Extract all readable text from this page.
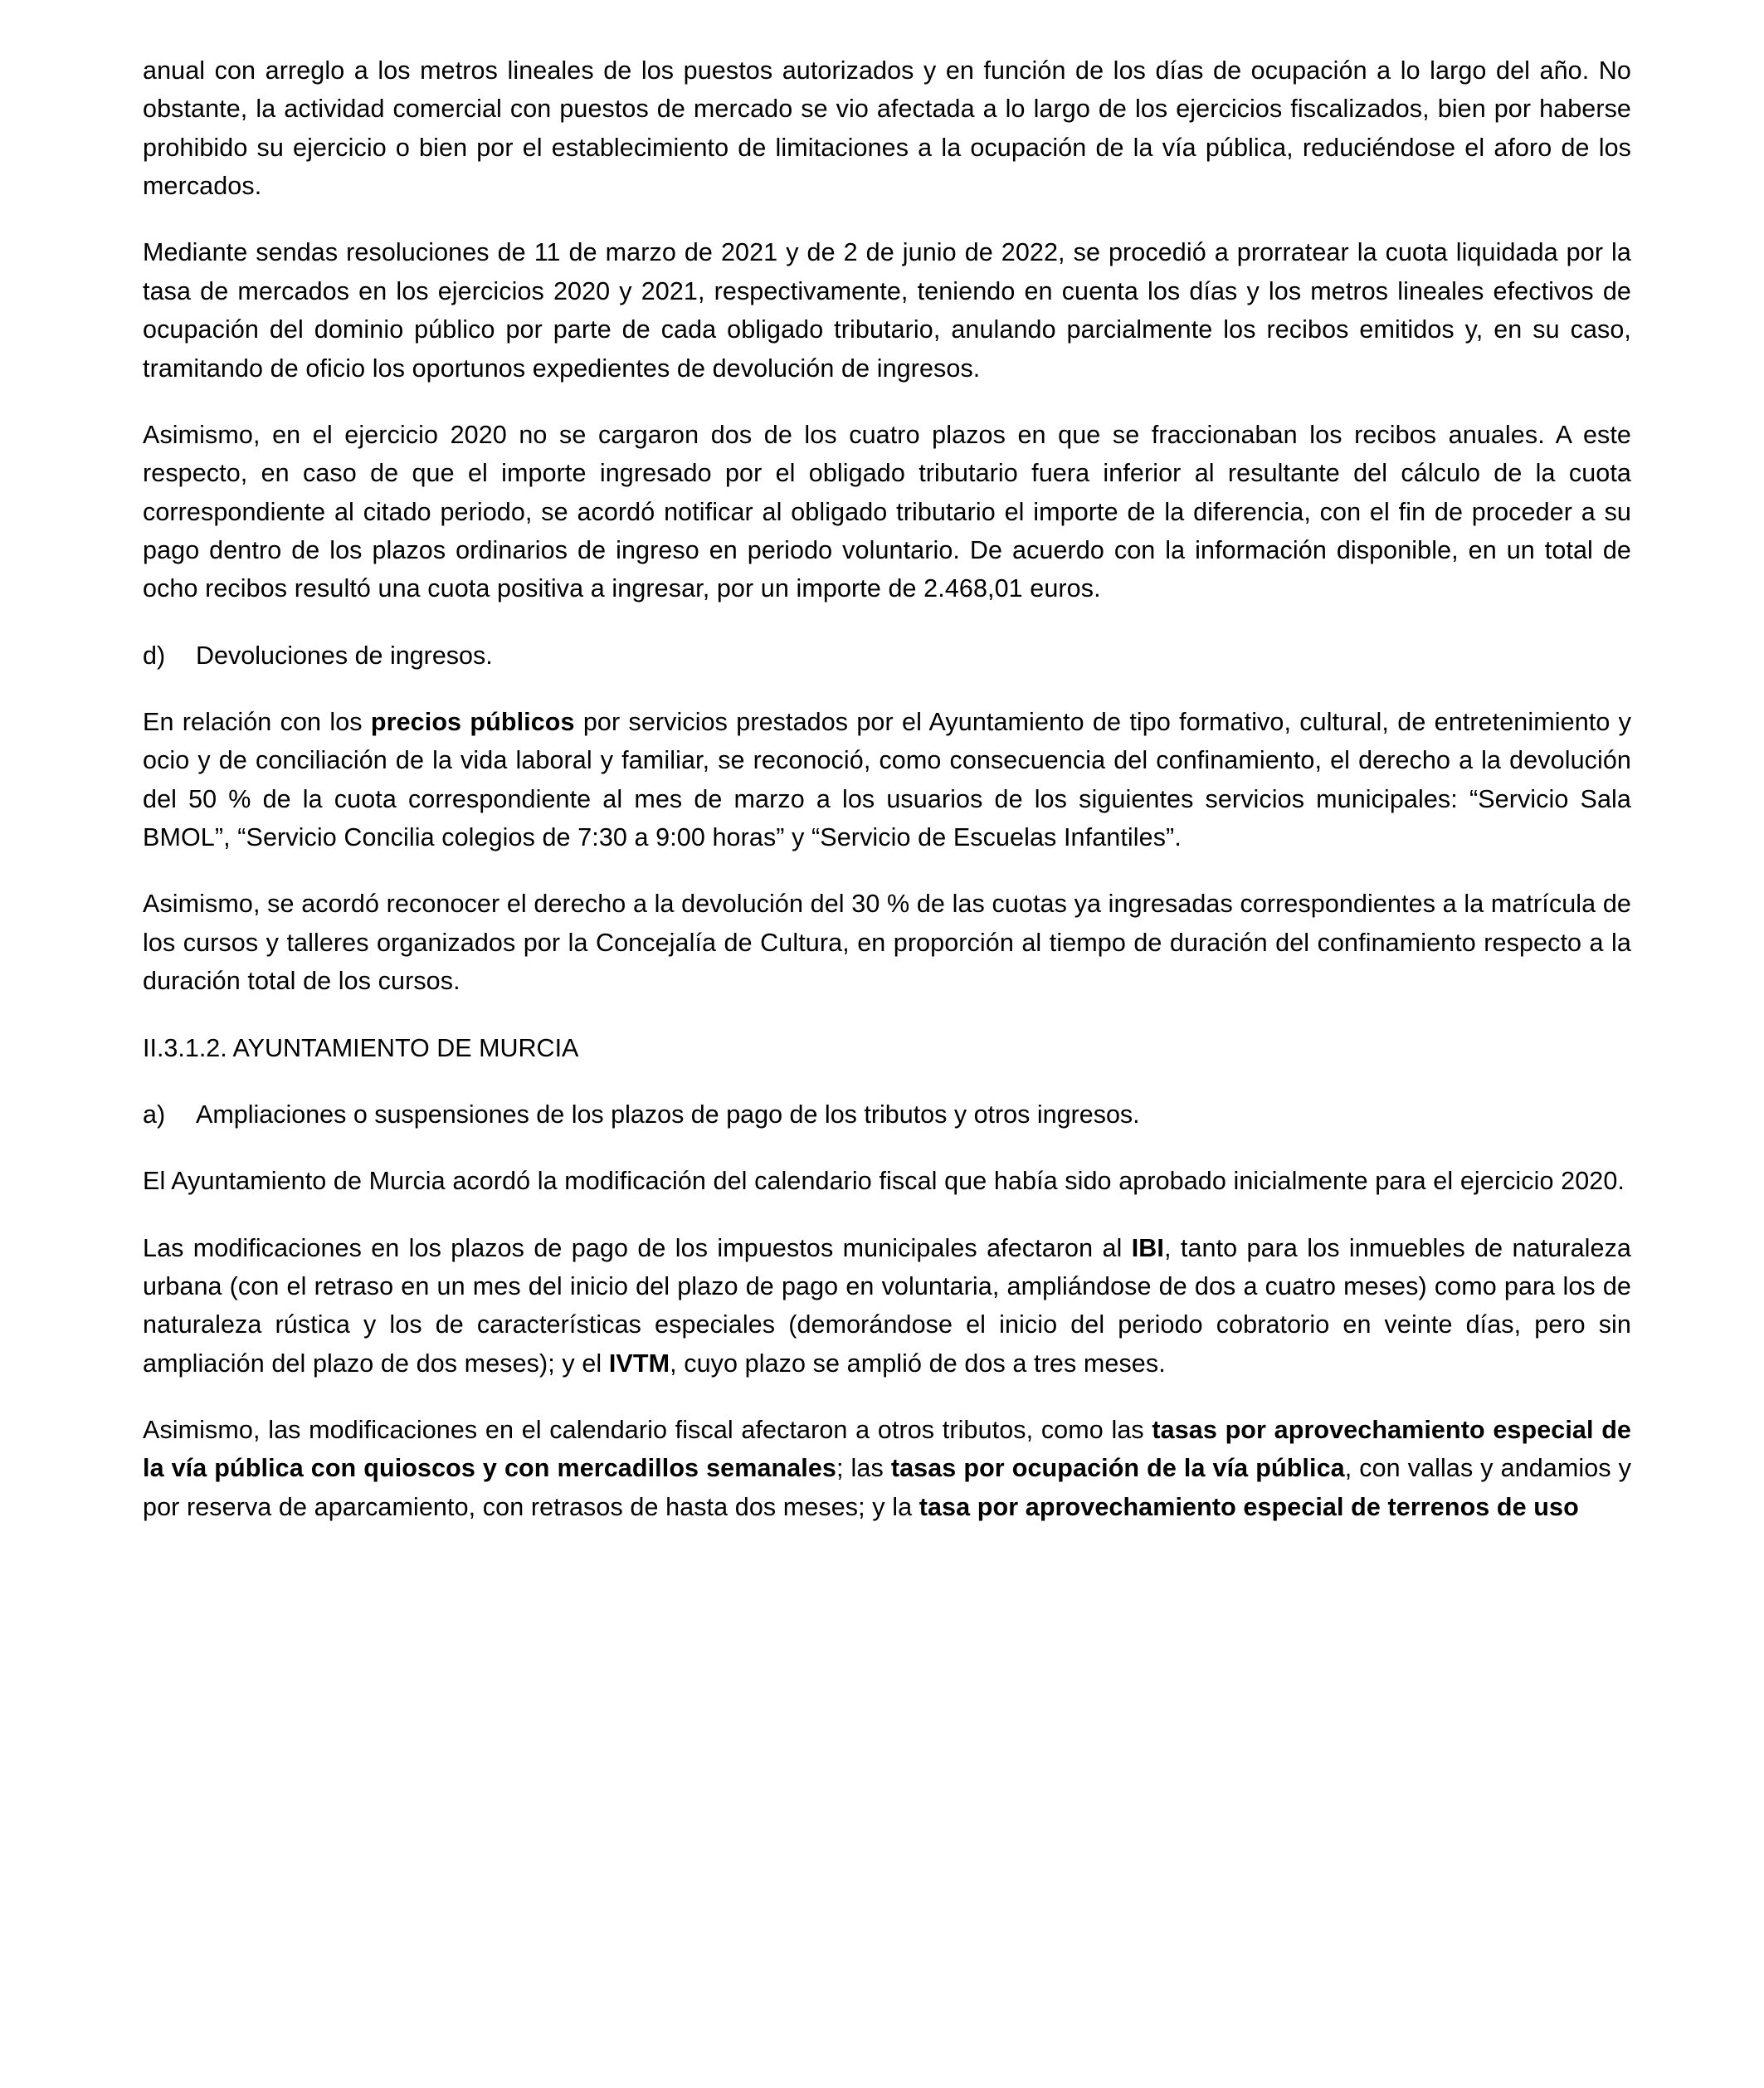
anual con arreglo a los metros lineales de los puestos autorizados y en función de los días de ocupación a lo largo del año. No obstante, la actividad comercial con puestos de mercado se vio afectada a lo largo de los ejercicios fiscalizados, bien por haberse prohibido su ejercicio o bien por el establecimiento de limitaciones a la ocupación de la vía pública, reduciéndose el aforo de los mercados.

Mediante sendas resoluciones de 11 de marzo de 2021 y de 2 de junio de 2022, se procedió a prorratear la cuota liquidada por la tasa de mercados en los ejercicios 2020 y 2021, respectivamente, teniendo en cuenta los días y los metros lineales efectivos de ocupación del dominio público por parte de cada obligado tributario, anulando parcialmente los recibos emitidos y, en su caso, tramitando de oficio los oportunos expedientes de devolución de ingresos.

Asimismo, en el ejercicio 2020 no se cargaron dos de los cuatro plazos en que se fraccionaban los recibos anuales. A este respecto, en caso de que el importe ingresado por el obligado tributario fuera inferior al resultante del cálculo de la cuota correspondiente al citado periodo, se acordó notificar al obligado tributario el importe de la diferencia, con el fin de proceder a su pago dentro de los plazos ordinarios de ingreso en periodo voluntario. De acuerdo con la información disponible, en un total de ocho recibos resultó una cuota positiva a ingresar, por un importe de 2.468,01 euros.

d)	Devoluciones de ingresos.

En relación con los precios públicos por servicios prestados por el Ayuntamiento de tipo formativo, cultural, de entretenimiento y ocio y de conciliación de la vida laboral y familiar, se reconoció, como consecuencia del confinamiento, el derecho a la devolución del 50 % de la cuota correspondiente al mes de marzo a los usuarios de los siguientes servicios municipales: “Servicio Sala BMOL”, “Servicio Concilia colegios de 7:30 a 9:00 horas” y “Servicio de Escuelas Infantiles”.

Asimismo, se acordó reconocer el derecho a la devolución del 30 % de las cuotas ya ingresadas correspondientes a la matrícula de los cursos y talleres organizados por la Concejalía de Cultura, en proporción al tiempo de duración del confinamiento respecto a la duración total de los cursos.

II.3.1.2. AYUNTAMIENTO DE MURCIA

a)	Ampliaciones o suspensiones de los plazos de pago de los tributos y otros ingresos.

El Ayuntamiento de Murcia acordó la modificación del calendario fiscal que había sido aprobado inicialmente para el ejercicio 2020.

Las modificaciones en los plazos de pago de los impuestos municipales afectaron al IBI, tanto para los inmuebles de naturaleza urbana (con el retraso en un mes del inicio del plazo de pago en voluntaria, ampliándose de dos a cuatro meses) como para los de naturaleza rústica y los de características especiales (demorándose el inicio del periodo cobratorio en veinte días, pero sin ampliación del plazo de dos meses); y el IVTM, cuyo plazo se amplió de dos a tres meses.

Asimismo, las modificaciones en el calendario fiscal afectaron a otros tributos, como las tasas por aprovechamiento especial de la vía pública con quioscos y con mercadillos semanales; las tasas por ocupación de la vía pública, con vallas y andamios y por reserva de aparcamiento, con retrasos de hasta dos meses; y la tasa por aprovechamiento especial de terrenos de uso
